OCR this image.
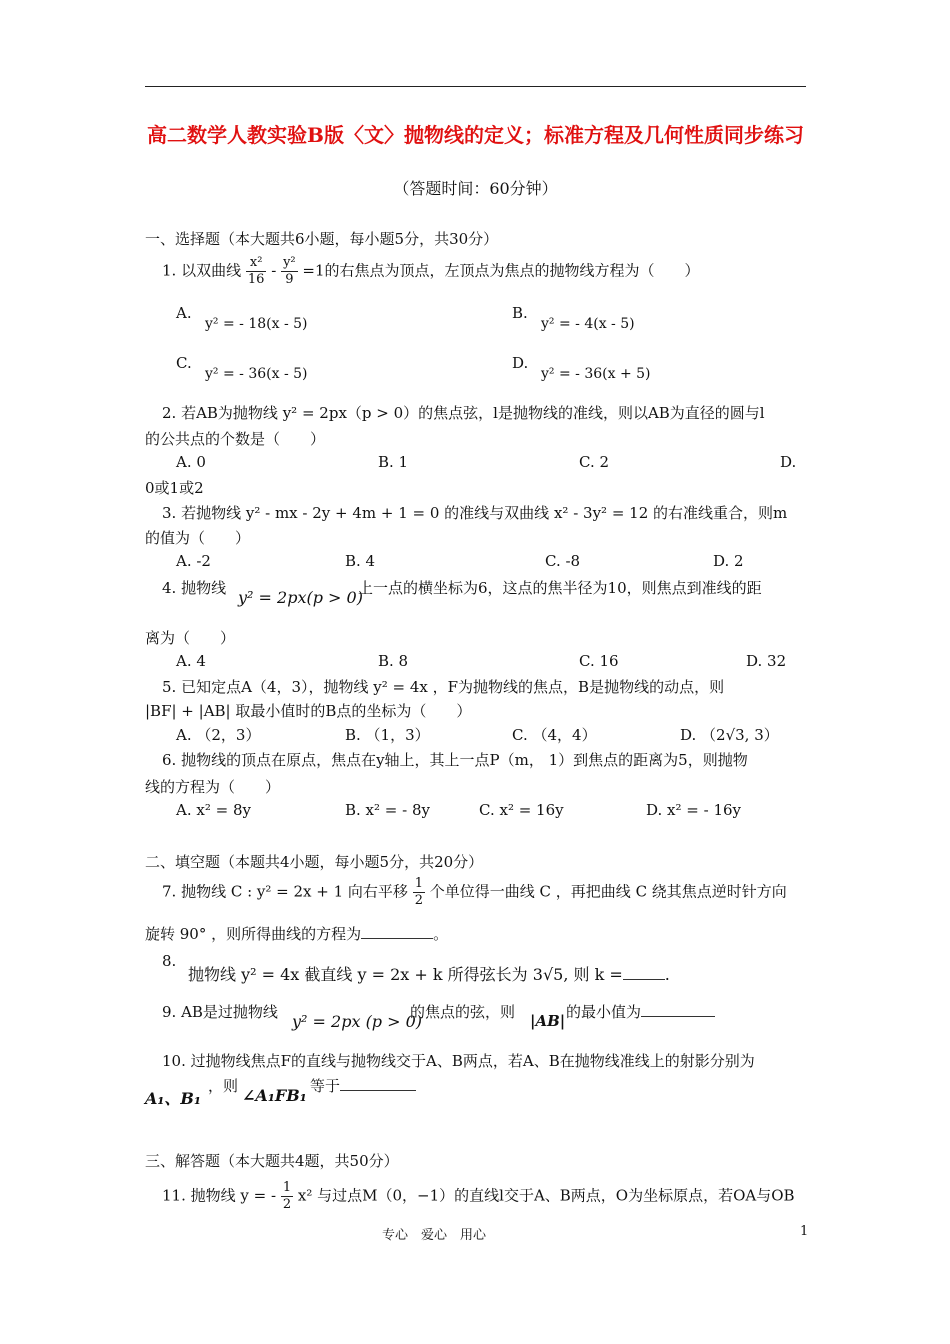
高二数学人教实验B版〈文〉抛物线的定义；标准方程及几何性质同步练习
（答题时间：60分钟）
一、选择题（本大题共6小题，每小题5分，共30分）
1. 以双曲线 $\frac{\text{x²}}{16} - \frac{\text{y²}}{9} =1$的右焦点为顶点，左顶点为焦点的抛物线方程为（　　）
A.
y² = - 18(x - 5)
B.
y² = - 4(x - 5)
C.
y² = - 36(x - 5)
D.
y² = - 36(x + 5)
2. 若AB为抛物线 y² = 2px（p > 0）的焦点弦，l是抛物线的准线，则以AB为直径的圆与l
的公共点的个数是（　　）
A. 0	B. 1	C. 2	D.
0或1或2
3. 若抛物线 y² - mx - 2y + 4m + 1 = 0 的准线与双曲线 x² - 3y² = 12 的右准线重合，则m
的值为（　　）
A. -2	B. 4	C. -8	D. 2
4. 抛物线 y² = 2px(p > 0)
上一点的横坐标为6，这点的焦半径为10，则焦点到准线的距
离为（　　）
A. 4	B. 8	C. 16	D. 32
5. 已知定点A（4，3），抛物线 y² = 4x ，F为抛物线的焦点，B是抛物线的动点，则
|BF| + |AB| 取最小值时的B点的坐标为（　　）
A. （2，3）	B. （1，3）	C. （4，4）	D. （2√3, 3）
6. 抛物线的顶点在原点，焦点在y轴上，其上一点P（m， 1）到焦点的距离为5，则抛物
线的方程为（　　）
A. x² = 8y	B. x² = - 8y	C. x² = 16y	D. x² = - 16y
二、填空题（本题共4小题，每小题5分，共20分）
7. 抛物线 C : y² = 2x + 1 向右平移 $\frac{1}{2}$ 个单位得一曲线 C ，再把曲线 C 绕其焦点逆时针方向
旋转 90° ，则所得曲线的方程为	。
8.
抛物线 y² = 4x 截直线 y = 2x + k 所得弦长为 3√5, 则 k =	.
9. AB是过抛物线 y² = 2px (p > 0)
的焦点的弦，则 |AB| 的最小值为
10. 过抛物线焦点F的直线与抛物线交于A、B两点，若A、B在抛物线准线上的射影分别为
A₁、B₁
，则 ∠A₁FB₁ 等于
三、解答题（本大题共4题，共50分）
11. 抛物线 y = - $\frac{1}{2} x^2$ 与过点M（0，−1）的直线l交于A、B两点，O为坐标原点，若OA与OB
专心　爱心　用心	1
